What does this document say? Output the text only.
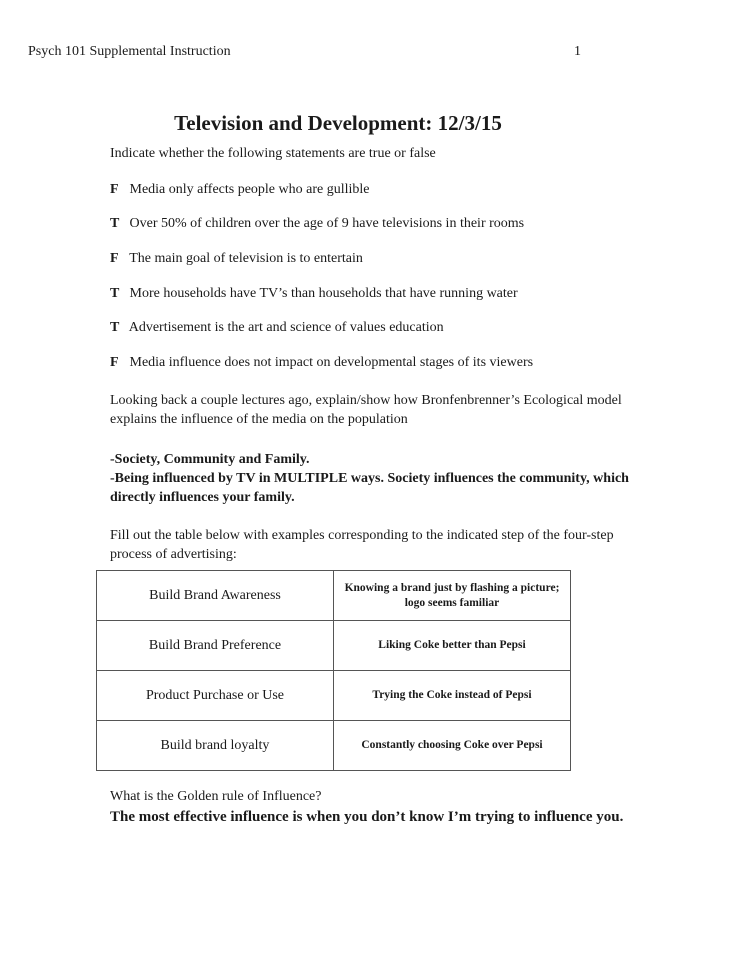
Psych 101 Supplemental Instruction	1
Television and Development: 12/3/15
Indicate whether the following statements are true or false
F Media only affects people who are gullible
T Over 50% of children over the age of 9 have televisions in their rooms
F The main goal of television is to entertain
T More households have TV’s than households that have running water
T Advertisement is the art and science of values education
F Media influence does not impact on developmental stages of its viewers
Looking back a couple lectures ago, explain/show how Bronfenbrenner’s Ecological model explains the influence of the media on the population
-Society, Community and Family.
-Being influenced by TV in MULTIPLE ways. Society influences the community, which directly influences your family.
Fill out the table below with examples corresponding to the indicated step of the four-step process of advertising:
Build Brand Awareness	Knowing a brand just by flashing a picture; logo seems familiar
Build Brand Preference	Liking Coke better than Pepsi
Product Purchase or Use	Trying the Coke instead of Pepsi
Build brand loyalty	Constantly choosing Coke over Pepsi
What is the Golden rule of Influence?
The most effective influence is when you don’t know I’m trying to influence you.
